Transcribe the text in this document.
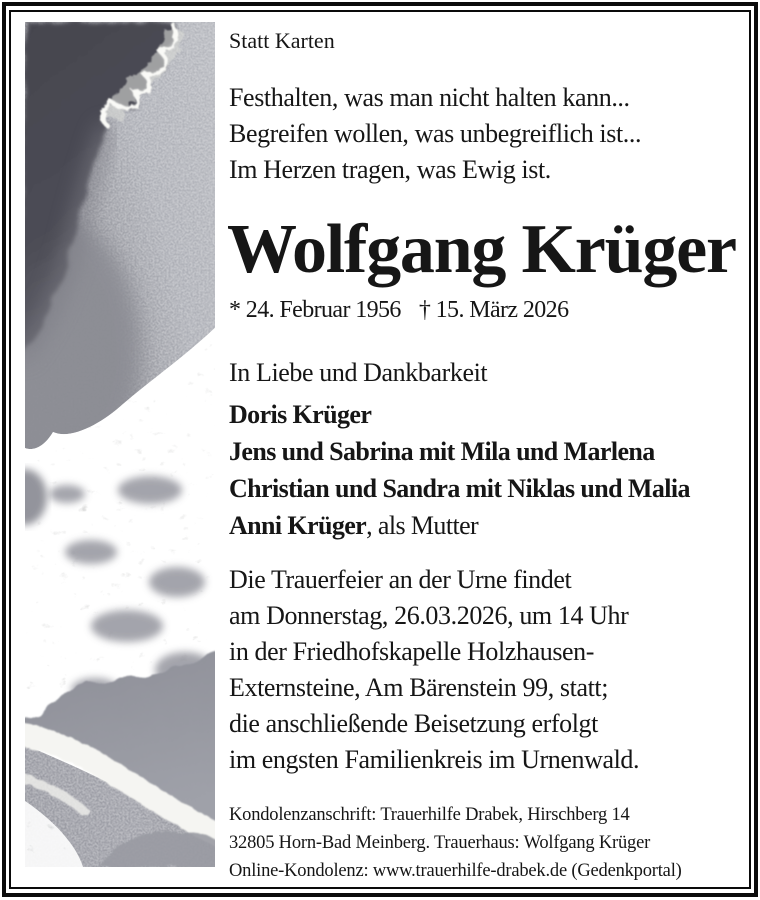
Statt Karten
Festhalten, was man nicht halten kann...
Begreifen wollen, was unbegreiflich ist...
Im Herzen tragen, was Ewig ist.
Wolfgang Krüger
* 24. Februar 1956 † 15. März 2026
In Liebe und Dankbarkeit
Doris Krüger
Jens und Sabrina mit Mila und Marlena
Christian und Sandra mit Niklas und Malia
Anni Krüger, als Mutter
Die Trauerfeier an der Urne findet
am Donnerstag, 26.03.2026, um 14 Uhr
in der Friedhofskapelle Holzhausen-
Externsteine, Am Bärenstein 99, statt;
die anschließende Beisetzung erfolgt
im engsten Familienkreis im Urnenwald.
Kondolenzanschrift: Trauerhilfe Drabek, Hirschberg 14
32805 Horn-Bad Meinberg. Trauerhaus: Wolfgang Krüger
Online-Kondolenz: www.trauerhilfe-drabek.de (Gedenkportal)
